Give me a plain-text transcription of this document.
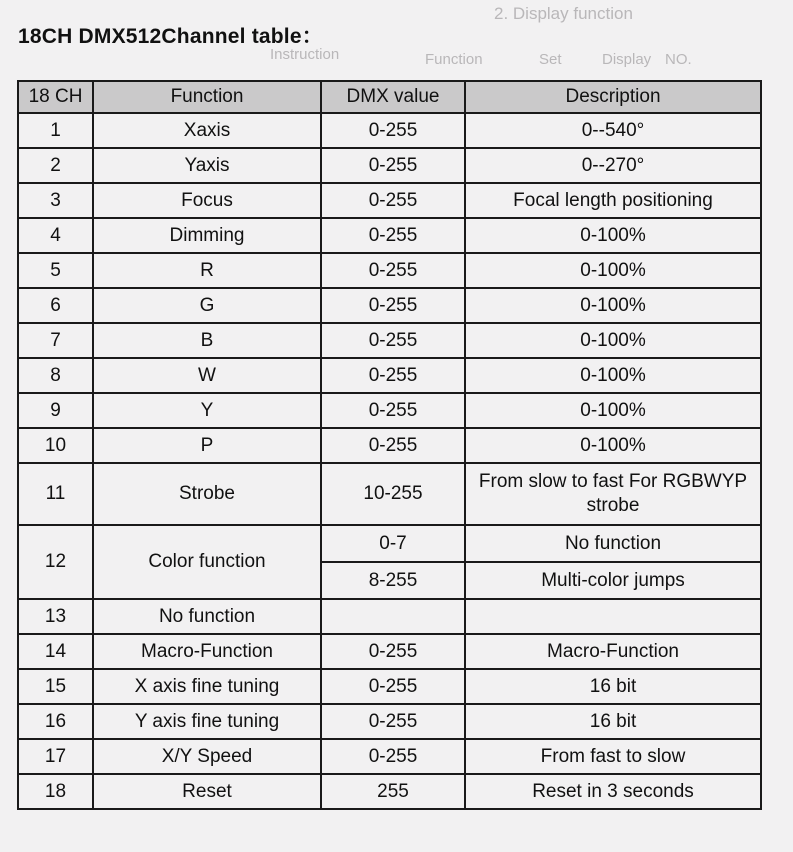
2. Display function
NO.
Display
Set
Function
Instruction
18CH DMX512Channel table：
18 CH	Function	DMX value	Description
1	Xaxis	0-255	0--540°
2	Yaxis	0-255	0--270°
3	Focus	0-255	Focal length positioning
4	Dimming	0-255	0-100%
5	R	0-255	0-100%
6	G	0-255	0-100%
7	B	0-255	0-100%
8	W	0-255	0-100%
9	Y	0-255	0-100%
10	P	0-255	0-100%
11	Strobe	10-255	From slow to fast For RGBWYP strobe
12	Color function	0-7	No function
		8-255	Multi-color jumps
13	No function		
14	Macro-Function	0-255	Macro-Function
15	X axis fine tuning	0-255	16 bit
16	Y axis fine tuning	0-255	16 bit
17	X/Y Speed	0-255	From fast to slow
18	Reset	255	Reset in 3 seconds
